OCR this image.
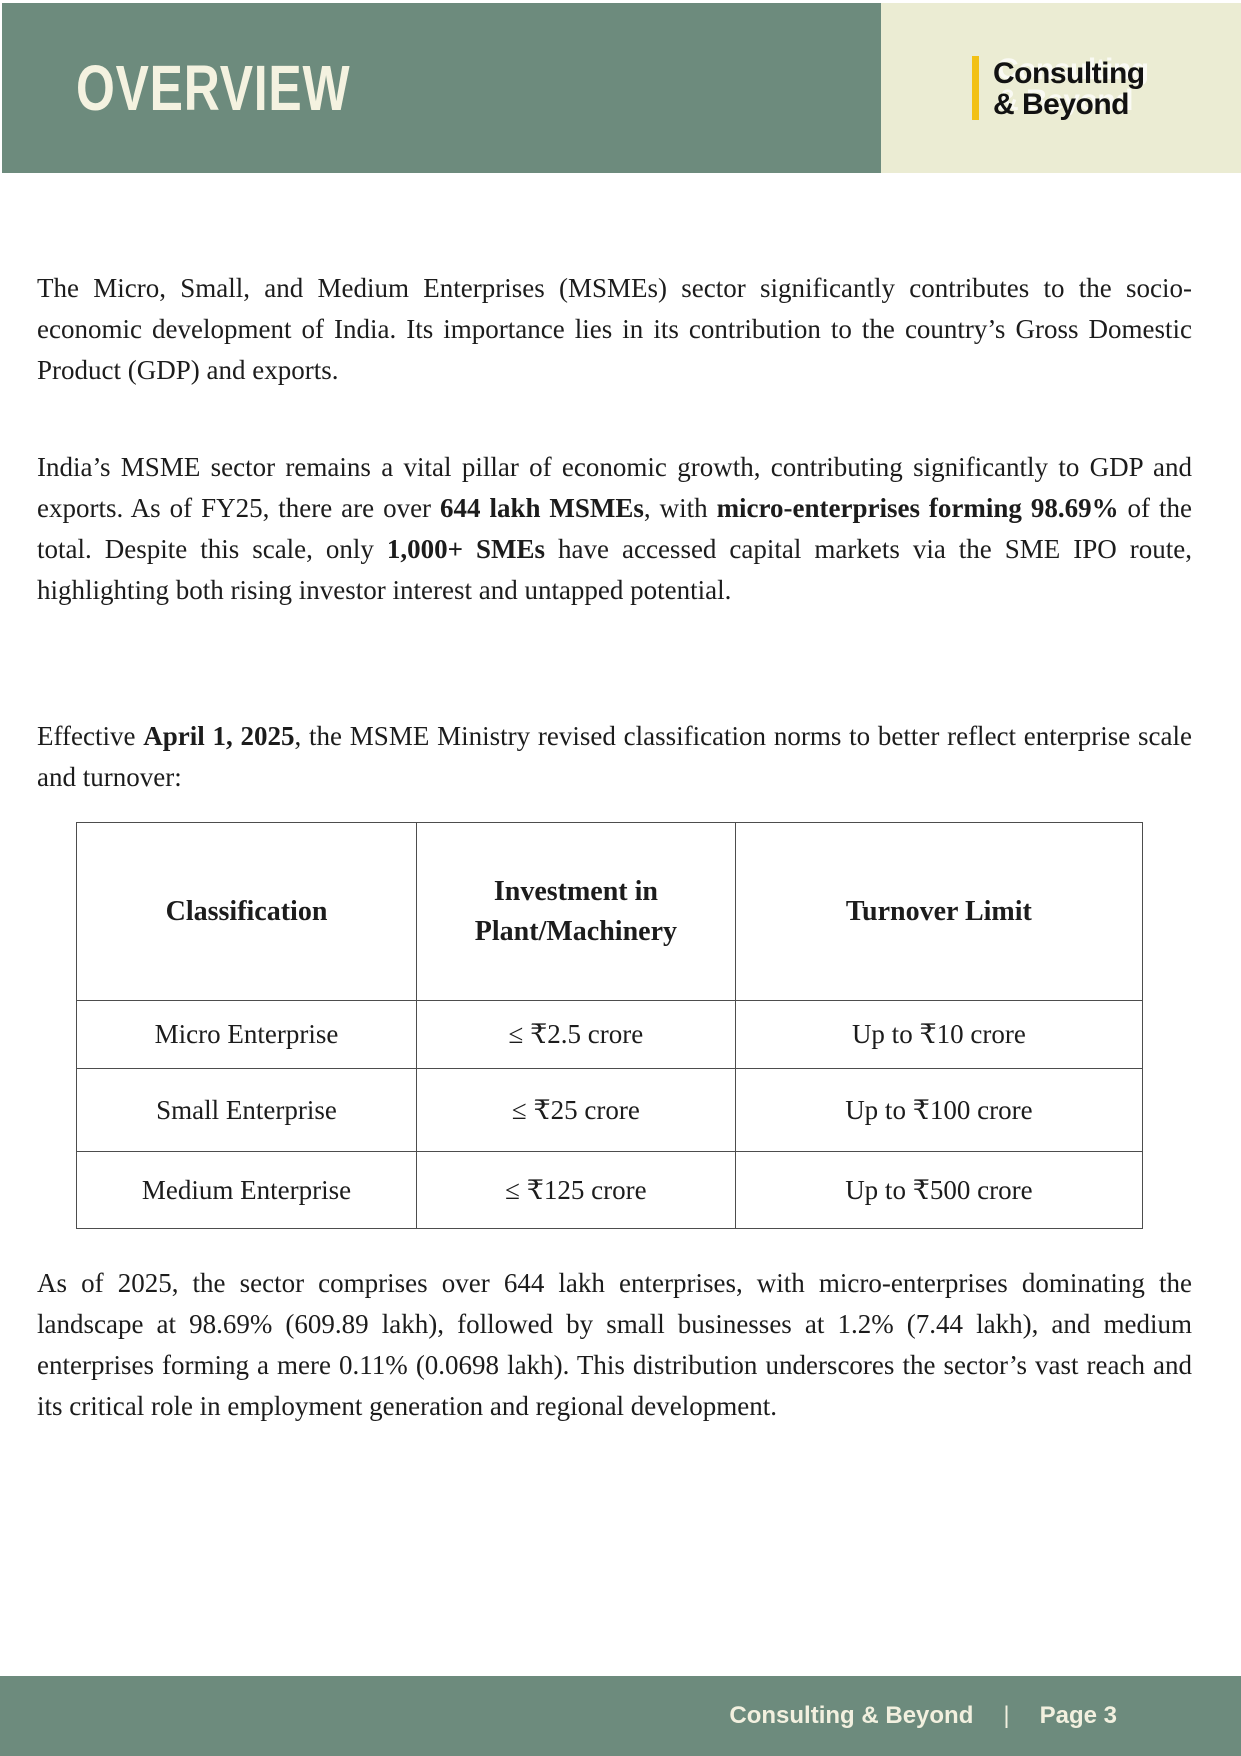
OVERVIEW	Consulting
& Beyond

The Micro, Small, and Medium Enterprises (MSMEs) sector significantly contributes to the socio-economic development of India. Its importance lies in its contribution to the country’s Gross Domestic Product (GDP) and exports.

India’s MSME sector remains a vital pillar of economic growth, contributing significantly to GDP and exports. As of FY25, there are over 644 lakh MSMEs, with micro-enterprises forming 98.69% of the total. Despite this scale, only 1,000+ SMEs have accessed capital markets via the SME IPO route, highlighting both rising investor interest and untapped potential.

Effective April 1, 2025, the MSME Ministry revised classification norms to better reflect enterprise scale and turnover:

As of 2025, the sector comprises over 644 lakh enterprises, with micro-enterprises dominating the landscape at 98.69% (609.89 lakh), followed by small businesses at 1.2% (7.44 lakh), and medium enterprises forming a mere 0.11% (0.0698 lakh). This distribution underscores the sector’s vast reach and its critical role in employment generation and regional development.

Classification	Investment in Plant/Machinery	Turnover Limit
Micro Enterprise	≤ ₹2.5 crore	Up to ₹10 crore
Small Enterprise	≤ ₹25 crore	Up to ₹100 crore
Medium Enterprise	≤ ₹125 crore	Up to ₹500 crore
Consulting & Beyond | Page 3
